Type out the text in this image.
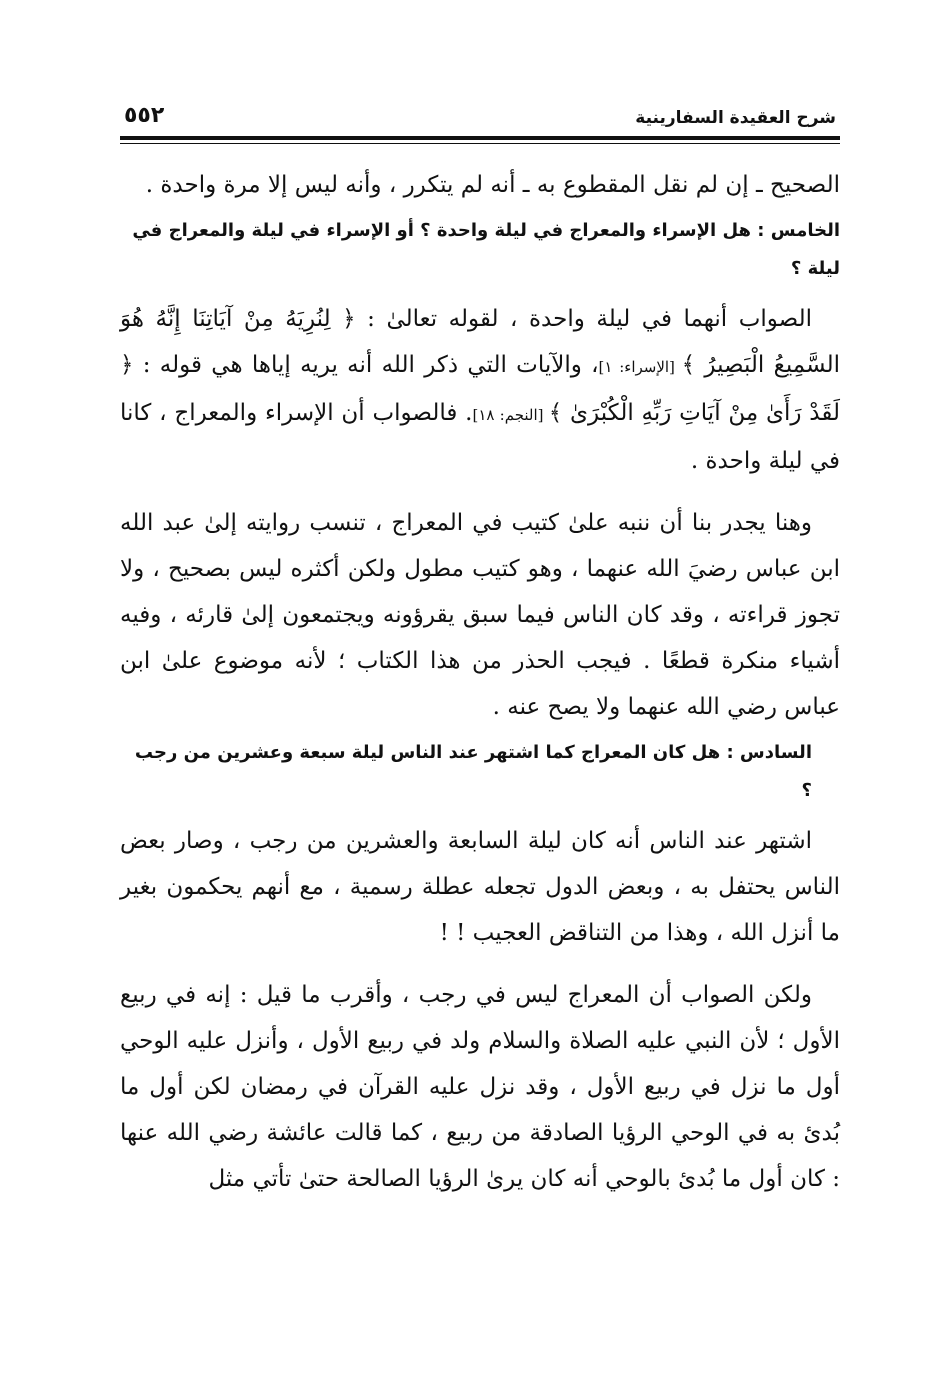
شرح العقيدة السفارينية
٥٥٢

الصحيح ـ إن لم نقل المقطوع به ـ أنه لم يتكرر ، وأنه ليس إلا مرة واحدة .

الخامس : هل الإسراء والمعراج في ليلة واحدة ؟ أو الإسراء في ليلة والمعراج في ليلة ؟

الصواب أنهما في ليلة واحدة ، لقوله تعالىٰ : ﴿ لِنُرِيَهُ مِنْ آيَاتِنَا إِنَّهُ هُوَ السَّمِيعُ الْبَصِيرُ ﴾ [الإسراء: ١]، والآيات التي ذكر الله أنه يريه إياها هي قوله : ﴿ لَقَدْ رَأَىٰ مِنْ آيَاتِ رَبِّهِ الْكُبْرَىٰ ﴾ [النجم: ١٨]. فالصواب أن الإسراء والمعراج ، كانا في ليلة واحدة .

وهنا يجدر بنا أن ننبه علىٰ كتيب في المعراج ، تنسب روايته إلىٰ عبد الله ابن عباس رضيَ الله عنهما ، وهو كتيب مطول ولكن أكثره ليس بصحيح ، ولا تجوز قراءته ، وقد كان الناس فيما سبق يقرؤونه ويجتمعون إلىٰ قارئه ، وفيه أشياء منكرة قطعًا . فيجب الحذر من هذا الكتاب ؛ لأنه موضوع علىٰ ابن عباس رضي الله عنهما ولا يصح عنه .

السادس : هل كان المعراج كما اشتهر عند الناس ليلة سبعة وعشرين من رجب ؟

اشتهر عند الناس أنه كان ليلة السابعة والعشرين من رجب ، وصار بعض الناس يحتفل به ، وبعض الدول تجعله عطلة رسمية ، مع أنهم يحكمون بغير ما أنزل الله ، وهذا من التناقض العجيب ! !

ولكن الصواب أن المعراج ليس في رجب ، وأقرب ما قيل : إنه في ربيع الأول ؛ لأن النبي عليه الصلاة والسلام ولد في ربيع الأول ، وأنزل عليه الوحي أول ما نزل في ربيع الأول ، وقد نزل عليه القرآن في رمضان لكن أول ما بُدئ به في الوحي الرؤيا الصادقة من ربيع ، كما قالت عائشة رضي الله عنها : كان أول ما بُدئ بالوحي أنه كان يرىٰ الرؤيا الصالحة حتىٰ تأتي مثل
